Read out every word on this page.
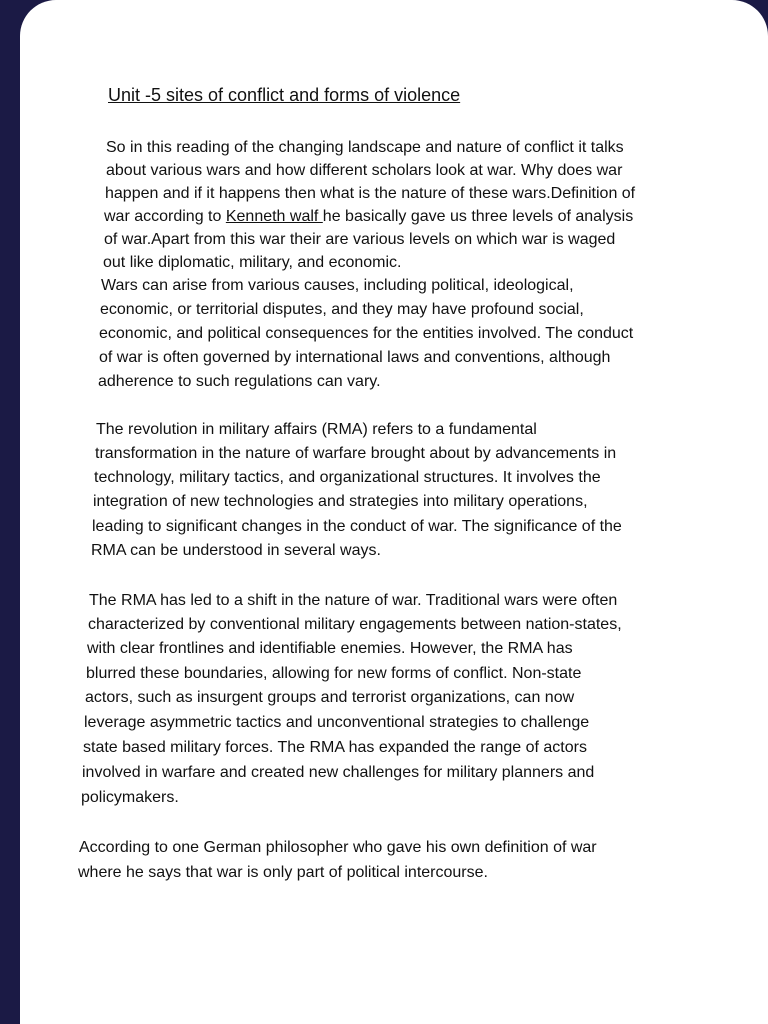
Unit -5 sites of conflict and forms of violence
So in this reading of the changing landscape and nature of conflict it talks
about various wars and how different scholars look at war. Why does war
happen and if it happens then what is the nature of these wars.Definition of
war according to Kenneth walf he basically gave us three levels of analysis
of war.Apart from this war their are various levels on which war is waged
out like diplomatic, military, and economic.
Wars can arise from various causes, including political, ideological,
economic, or territorial disputes, and they may have profound social,
economic, and political consequences for the entities involved. The conduct
of war is often governed by international laws and conventions, although
adherence to such regulations can vary.
The revolution in military affairs (RMA) refers to a fundamental
transformation in the nature of warfare brought about by advancements in
technology, military tactics, and organizational structures. It involves the
integration of new technologies and strategies into military operations,
leading to significant changes in the conduct of war. The significance of the
RMA can be understood in several ways.
The RMA has led to a shift in the nature of war. Traditional wars were often
characterized by conventional military engagements between nation-states,
with clear frontlines and identifiable enemies. However, the RMA has
blurred these boundaries, allowing for new forms of conflict. Non-state
actors, such as insurgent groups and terrorist organizations, can now
leverage asymmetric tactics and unconventional strategies to challenge
state based military forces. The RMA has expanded the range of actors
involved in warfare and created new challenges for military planners and
policymakers.
According to one German philosopher who gave his own definition of war
where he says that war is only part of political intercourse.
